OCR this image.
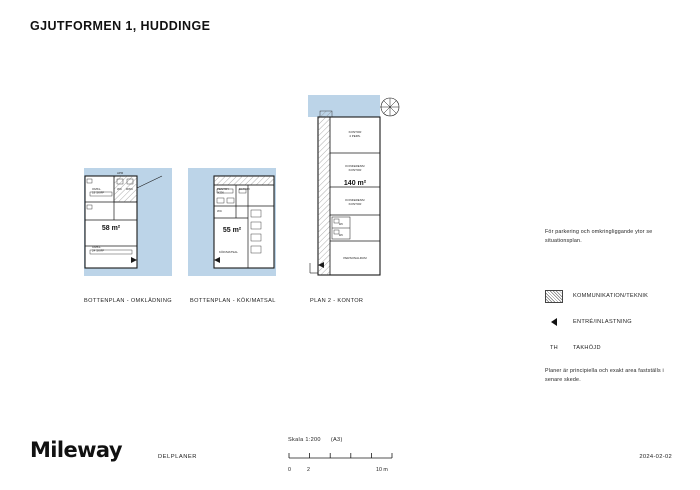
GJUTFORMEN 1, HUDDINGE
OMKL.
18 SKÅP
OMKL.
24 SKÅP
WC RWC
APR
58 m²
BOTTENPLAN - OMKLÄDNING
PENTRY
/KÖK
ELRUM
WC
KÖK/MATSAL
55 m²
BOTTENPLAN - KÖK/MATSAL
KONTOR
4 PERS.
KONFERENS/
KONTOR
KONFERENS/
KONTOR
WC
WC
PERSONALRUM
140 m²
PLAN 2 - KONTOR
För parkering och omkringliggande ytor se situationsplan.
Planer är principiella och exakt area fastställs i senare skede.
KOMMUNIKATION/TEKNIK
ENTRÉ/INLASTNING
TH	TAKHÖJD
Mileway	DELPLANER
Skala 1:200 (A3)
0	2	10 m
2024-02-02
